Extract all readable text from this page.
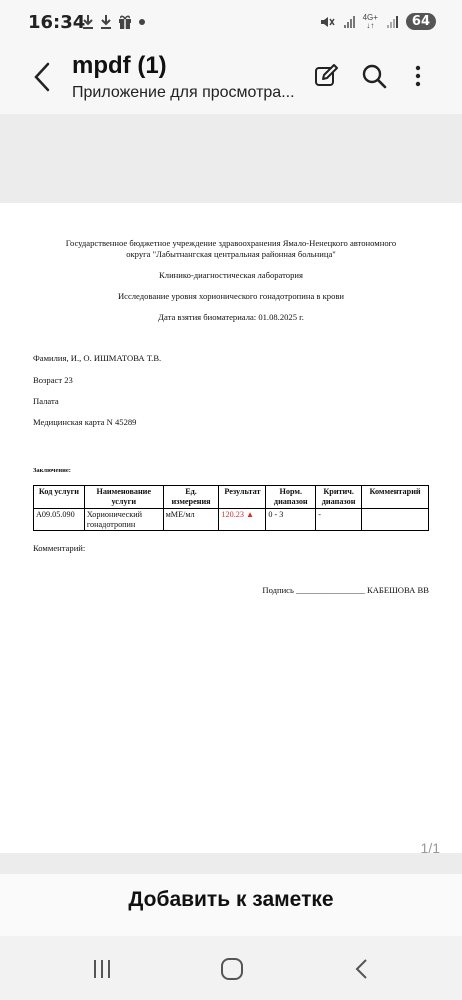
16:34	4G+
↓↑	64
mpdf (1)
Приложение для просмотра...
Государственное бюджетное учреждение здравоохранения Ямало-Ненецкого автономного
округа "Лабытнангская центральная районная больница"
Клинико-диагностическая лаборатория
Исследование уровня хорионического гонадотропина в крови
Дата взятия биоматериала: 01.08.2025 г.
Фамилия, И., О. ИШМАТОВА Т.В.
Возраст 23
Палата
Медицинская карта N 45289
Заключение:
Код услуги	Наименование услуги	Ед. измерения	Результат	Норм. диапазон	Критич. диапазон	Комментарий
A09.05.090	Хорионический гонадотропин	мМЕ/мл	120.23 ▲	0 - 3	-	
Комментарий:
Подпись ________________ КАБЕШОВА ВВ
1/1
Добавить к заметке
